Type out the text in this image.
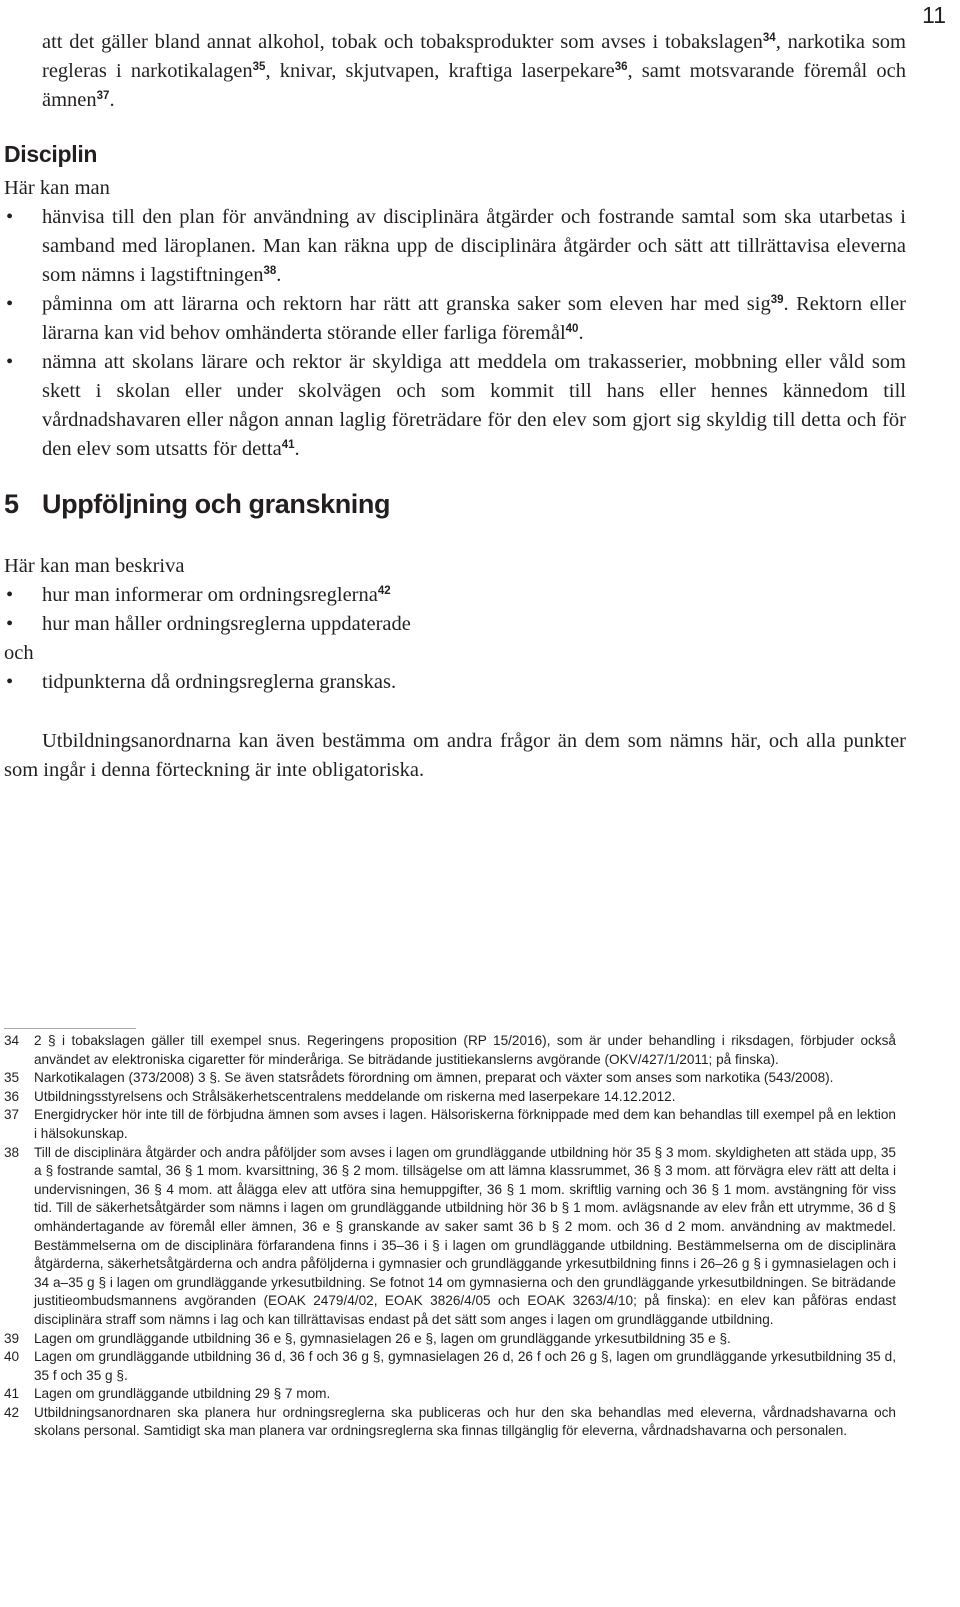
11

att det gäller bland annat alkohol, tobak och tobaksprodukter som avses i tobakslagen$^{34}$, narkotika som regleras i narkotikalagen$^{35}$, knivar, skjutvapen, kraftiga laserpekare$^{36}$, samt motsvarande föremål och ämnen$^{37}$.

Disciplin

Här kan man

• hänvisa till den plan för användning av disciplinära åtgärder och fostrande samtal som ska utarbetas i samband med läroplanen. Man kan räkna upp de disciplinära åtgärder och sätt att tillrättavisa eleverna som nämns i lagstiftningen$^{38}$.
• påminna om att lärarna och rektorn har rätt att granska saker som eleven har med sig$^{39}$. Rektorn eller lärarna kan vid behov omhänderta störande eller farliga föremål$^{40}$.
• nämna att skolans lärare och rektor är skyldiga att meddela om trakasserier, mobbning eller våld som skett i skolan eller under skolvägen och som kommit till hans eller hennes kännedom till vårdnadshavaren eller någon annan laglig företrädare för den elev som gjort sig skyldig till detta och för den elev som utsatts för detta$^{41}$.
5 Uppföljning och granskning

Här kan man beskriva

• hur man informerar om ordningsreglerna$^{42}$
• hur man håller ordningsreglerna uppdaterade

och

• tidpunkterna då ordningsreglerna granskas.

Utbildningsanordnarna kan även bestämma om andra frågor än dem som nämns här, och alla punkter som ingår i denna förteckning är inte obligatoriska.

34 2 § i tobakslagen gäller till exempel snus. Regeringens proposition (RP 15/2016), som är under behandling i riksdagen, förbjuder också användet av elektroniska cigaretter för minderåriga. Se biträdande justitiekanslerns avgörande (OKV/427/1/2011; på finska).
35 Narkotikalagen (373/2008) 3 §. Se även statsrådets förordning om ämnen, preparat och växter som anses som narkotika (543/2008).
36 Utbildningsstyrelsens och Strålsäkerhetscentralens meddelande om riskerna med laserpekare 14.12.2012.
37 Energidrycker hör inte till de förbjudna ämnen som avses i lagen. Hälsoriskerna förknippade med dem kan behandlas till exempel på en lektion i hälsokunskap.
38 Till de disciplinära åtgärder och andra påföljder som avses i lagen om grundläggande utbildning hör 35 § 3 mom. skyldigheten att städa upp, 35 a § fostrande samtal, 36 § 1 mom. kvarsittning, 36 § 2 mom. tillsägelse om att lämna klassrummet, 36 § 3 mom. att förvägra elev rätt att delta i undervisningen, 36 § 4 mom. att ålägga elev att utföra sina hemuppgifter, 36 § 1 mom. skriftlig varning och 36 § 1 mom. avstängning för viss tid. Till de säkerhetsåtgärder som nämns i lagen om grundläggande utbildning hör 36 b § 1 mom. avlägsnande av elev från ett utrymme, 36 d § omhändertagande av föremål eller ämnen, 36 e § granskande av saker samt 36 b § 2 mom. och 36 d 2 mom. användning av maktmedel. Bestämmelserna om de disciplinära förfarandena finns i 35–36 i § i lagen om grundläggande utbildning. Bestämmelserna om de disciplinära åtgärderna, säkerhetsåtgärderna och andra påföljderna i gymnasier och grundläggande yrkesutbildning finns i 26–26 g § i gymnasielagen och i 34 a–35 g § i lagen om grundläggande yrkesutbildning. Se fotnot 14 om gymnasierna och den grundläggande yrkesutbildningen. Se biträdande justitieombudsmannens avgöranden (EOAK 2479/4/02, EOAK 3826/4/05 och EOAK 3263/4/10; på finska): en elev kan påföras endast disciplinära straff som nämns i lag och kan tillrättavisas endast på det sätt som anges i lagen om grundläggande utbildning.
39 Lagen om grundläggande utbildning 36 e §, gymnasielagen 26 e §, lagen om grundläggande yrkesutbildning 35 e §.
40 Lagen om grundläggande utbildning 36 d, 36 f och 36 g §, gymnasielagen 26 d, 26 f och 26 g §, lagen om grundläggande yrkesutbildning 35 d, 35 f och 35 g §.
41 Lagen om grundläggande utbildning 29 § 7 mom.
42 Utbildningsanordnaren ska planera hur ordningsreglerna ska publiceras och hur den ska behandlas med eleverna, vårdnadshavarna och skolans personal. Samtidigt ska man planera var ordningsreglerna ska finnas tillgänglig för eleverna, vårdnadshavarna och personalen.
